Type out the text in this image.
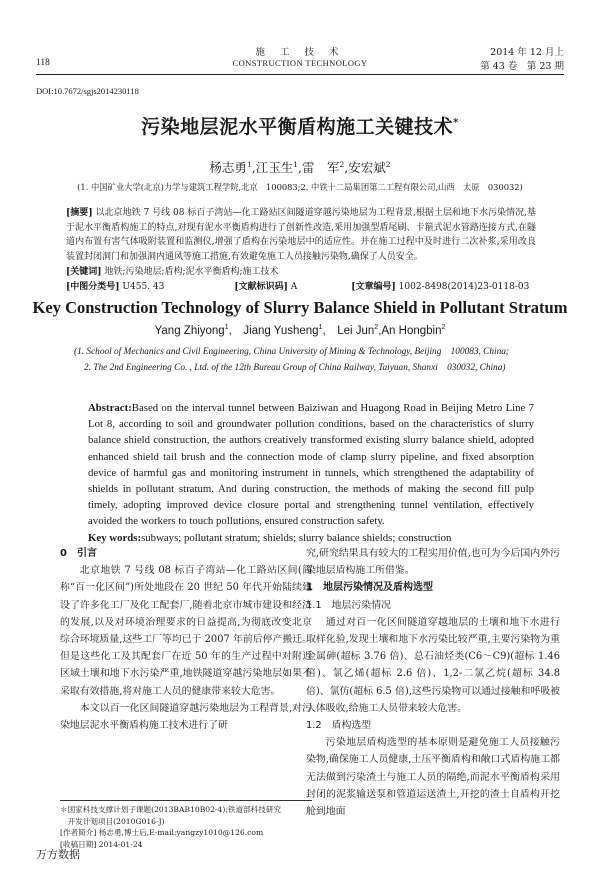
118
施 工 技 术
CONSTRUCTION TECHNOLOGY
2014 年 12 月上
第 43 卷　第 23 期
DOI:10.7672/sgjs2014230118
污染地层泥水平衡盾构施工关键技术*
杨志勇$^1$,江玉生$^1$,雷　军$^2$,安宏斌$^2$
(1. 中国矿业大学(北京)力学与建筑工程学院,北京　100083;2. 中铁十二局集团第二工程有限公司,山西　太原　030032)

[摘要] 以北京地铁 7 号线 08 标百子湾站—化工路站区间隧道穿越污染地层为工程背景,根据土层和地下水污染情况,基于泥水平衡盾构施工的特点,对现有泥水平衡盾构进行了创新性改造,采用加强型盾尾刷、卡箍式泥水管路连接方式,在隧道内布置有害气体吸附装置和监测仪,增强了盾构在污染地层中的适应性。并在施工过程中及时进行二次补浆,采用改良装置封闭洞门和加强洞内通风等施工措施,有效避免施工人员接触污染物,确保了人员安全。

[关键词] 地铁;污染地层;盾构;泥水平衡盾构;施工技术

[中图分类号] U455. 43	[文献标识码] A	[文章编号] 1002-8498(2014)23-0118-03

Key Construction Technology of Slurry Balance Shield in Pollutant Stratum
Yang Zhiyong$^1$,　Jiang Yusheng$^1$,　Lei Jun$^2$,An Hongbin$^2$
(1. School of Mechanics and Civil Engineering, China University of Mining & Technology, Beijing　100083, China;
2. The 2nd Engineering Co. , Ltd. of the 12th Bureau Group of China Railway, Taiyuan, Shanxi　030032, China)

Abstract:Based on the interval tunnel between Baiziwan and Huagong Road in Beijing Metro Line 7 Lot 8, according to soil and groundwater pollution conditions, based on the characteristics of slurry balance shield construction, the authors creatively transformed existing slurry balance shield, adopted enhanced shield tail brush and the connection mode of clamp slurry pipeline, and fixed absorption device of harmful gas and monitoring instrument in tunnels, which strengthened the adaptability of shields in pollutant stratum. And during construction, the methods of making the second fill pulp timely, adopting improved device closure portal and strengthening tunnel ventilation, effectively avoided the workers to touch pollutions, ensured construction safety.

Key words:subways; pollutant stratum; shields; slurry balance shields; construction

0　引言

北京地铁 7 号线 08 标百子湾站—化工路站区间(简称“百一化区间”)所处地段在 20 世纪 50 年代开始陆续建设了许多化工厂及化工配套厂,随着北京市城市建设和经济的发展,以及对环境治理要求的日益提高,为彻底改变北京综合环境质量,这些工厂等均已于 2007 年前后停产搬迁。但是这些化工及其配套厂在近 50 年的生产过程中对附近区域土壤和地下水污染严重,地铁隧道穿越污染地层如果不采取有效措施,将对施工人员的健康带来较大危害。

本文以百一化区间隧道穿越污染地层为工程背景,对污染地层泥水平衡盾构施工技术进行了研

究,研究结果具有较大的工程实用价值,也可为今后国内外污染地层盾构施工所借鉴。

1　地层污染情况及盾构选型
1.1　地层污染情况

通过对百一化区间隧道穿越地层的土壤和地下水进行取样化验,发现土壤和地下水污染比较严重,主要污染物为重金属砷(超标 3.76 倍)、总石油烃类(C6～C9)(超标 1.46 倍)、氯乙烯(超标 2.6 倍)、1,2-二氯乙烷(超标 34.8 倍)、氯仿(超标 6.5 倍),这些污染物可以通过接触和呼吸被人体吸收,给施工人员带来较大危害。

1.2　盾构选型

污染地层盾构选型的基本原则是避免施工人员接触污染物,确保施工人员健康,土压平衡盾构和敞口式盾构施工都无法做到污染渣土与施工人员的隔绝,而泥水平衡盾构采用封闭的泥浆输送泵和管道运送渣土,开挖的渣土自盾构开挖舱到地面

＊国家科技支撑计划子课题(2013BAB10B02-4);铁道部科技研究
　开发计划项目(2010G016-J)
[作者简介] 杨志勇,博士后,E-mail:yangzy1010@126.com
[收稿日期] 2014-01-24
万方数据
